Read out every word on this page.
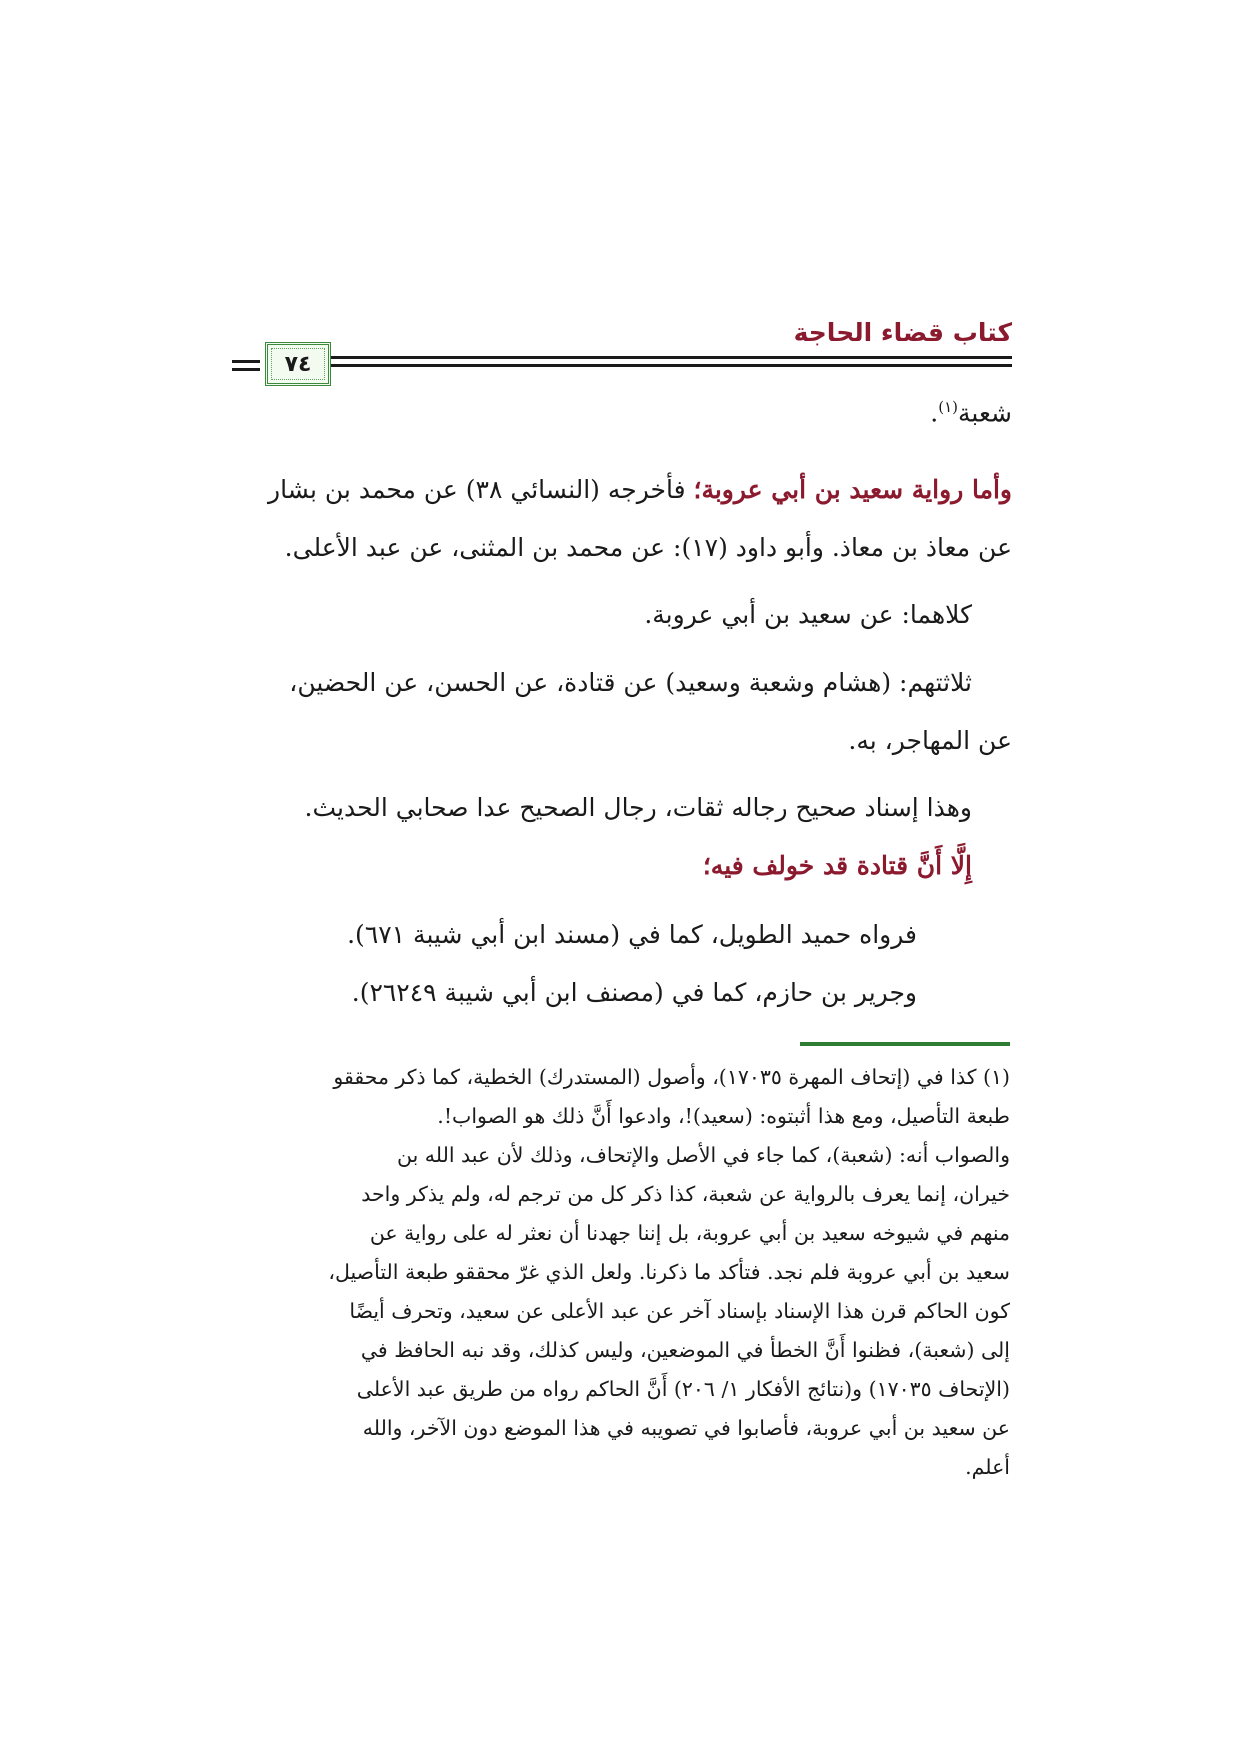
كتاب قضاء الحاجة
٧٤
شعبة$^{(١)}$.
وأما رواية سعيد بن أبي عروبة؛ فأخرجه (النسائي ٣٨) عن محمد بن بشار
عن معاذ بن معاذ. وأبو داود (١٧): عن محمد بن المثنى، عن عبد الأعلى.
كلاهما: عن سعيد بن أبي عروبة.
ثلاثتهم: (هشام وشعبة وسعيد) عن قتادة، عن الحسن، عن الحضين،
عن المهاجر، به.
وهذا إسناد صحيح رجاله ثقات، رجال الصحيح عدا صحابي الحديث.
إِلَّا أَنَّ قتادة قد خولف فيه؛
فرواه حميد الطويل، كما في (مسند ابن أبي شيبة ٦٧١).
وجرير بن حازم، كما في (مصنف ابن أبي شيبة ٢٦٢٤٩).
(١) كذا في (إتحاف المهرة ١٧٠٣٥)، وأصول (المستدرك) الخطية، كما ذكر محققو
طبعة التأصيل، ومع هذا أثبتوه: (سعيد)!، وادعوا أَنَّ ذلك هو الصواب!.
والصواب أنه: (شعبة)، كما جاء في الأصل والإتحاف، وذلك لأن عبد الله بن
خيران، إنما يعرف بالرواية عن شعبة، كذا ذكر كل من ترجم له، ولم يذكر واحد
منهم في شيوخه سعيد بن أبي عروبة، بل إننا جهدنا أن نعثر له على رواية عن
سعيد بن أبي عروبة فلم نجد. فتأكد ما ذكرنا. ولعل الذي غرّ محققو طبعة التأصيل،
كون الحاكم قرن هذا الإسناد بإسناد آخر عن عبد الأعلى عن سعيد، وتحرف أيضًا
إلى (شعبة)، فظنوا أَنَّ الخطأ في الموضعين، وليس كذلك، وقد نبه الحافظ في
(الإتحاف ١٧٠٣٥) و(نتائج الأفكار ١/ ٢٠٦) أَنَّ الحاكم رواه من طريق عبد الأعلى
عن سعيد بن أبي عروبة، فأصابوا في تصويبه في هذا الموضع دون الآخر، والله
أعلم.
